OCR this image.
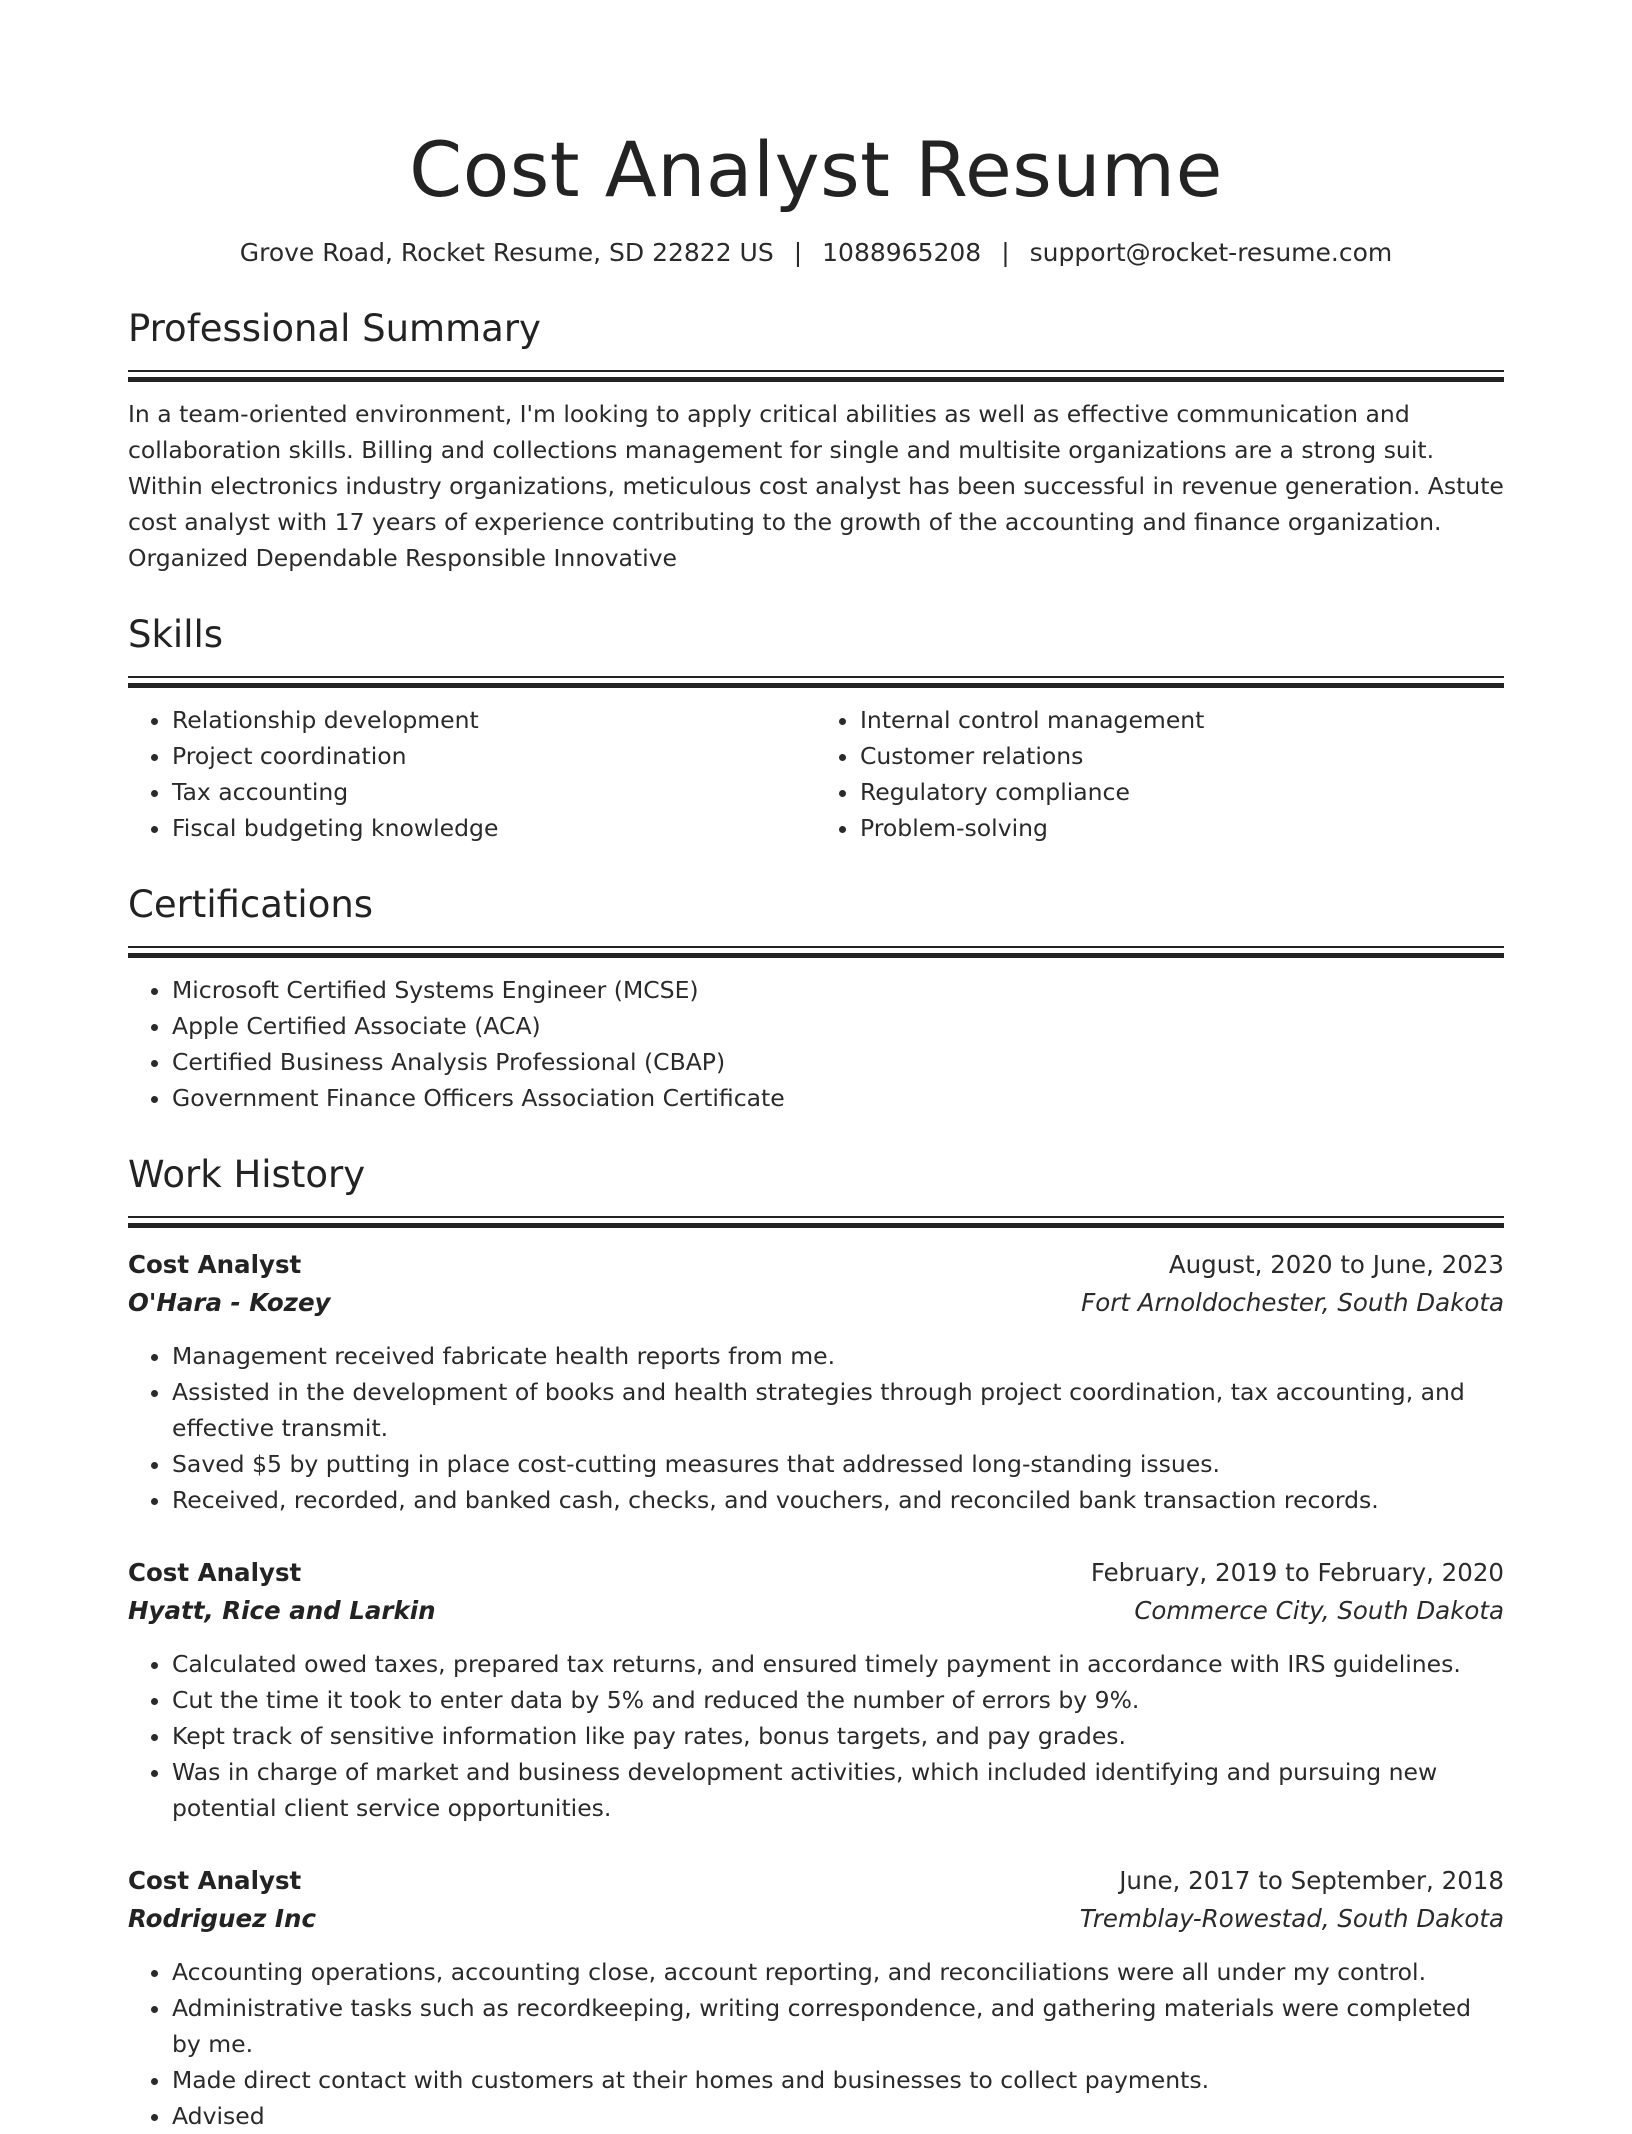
Cost Analyst Resume
Grove Road, Rocket Resume, SD 22822 US | 1088965208 | support@rocket-resume.com
Professional Summary

In a team-oriented environment, I'm looking to apply critical abilities as well as effective communication and collaboration skills. Billing and collections management for single and multisite organizations are a strong suit. Within electronics industry organizations, meticulous cost analyst has been successful in revenue generation. Astute cost analyst with 17 years of experience contributing to the growth of the accounting and finance organization. Organized Dependable Responsible Innovative

Skills
• Relationship development
• Project coordination
• Tax accounting
• Fiscal budgeting knowledge
• Internal control management
• Customer relations
• Regulatory compliance
• Problem-solving
Certifications
• Microsoft Certified Systems Engineer (MCSE)
• Apple Certified Associate (ACA)
• Certified Business Analysis Professional (CBAP)
• Government Finance Officers Association Certificate
Work History
Cost Analyst	August, 2020 to June, 2023
O'Hara - Kozey	Fort Arnoldochester, South Dakota
• Management received fabricate health reports from me.
• Assisted in the development of books and health strategies through project coordination, tax accounting, and effective transmit.
• Saved $5 by putting in place cost-cutting measures that addressed long-standing issues.
• Received, recorded, and banked cash, checks, and vouchers, and reconciled bank transaction records.
Cost Analyst	February, 2019 to February, 2020
Hyatt, Rice and Larkin	Commerce City, South Dakota
• Calculated owed taxes, prepared tax returns, and ensured timely payment in accordance with IRS guidelines.
• Cut the time it took to enter data by 5% and reduced the number of errors by 9%.
• Kept track of sensitive information like pay rates, bonus targets, and pay grades.
• Was in charge of market and business development activities, which included identifying and pursuing new potential client service opportunities.
Cost Analyst	June, 2017 to September, 2018
Rodriguez Inc	Tremblay-Rowestad, South Dakota
• Accounting operations, accounting close, account reporting, and reconciliations were all under my control.
• Administrative tasks such as recordkeeping, writing correspondence, and gathering materials were completed by me.
• Made direct contact with customers at their homes and businesses to collect payments.
• Advised
